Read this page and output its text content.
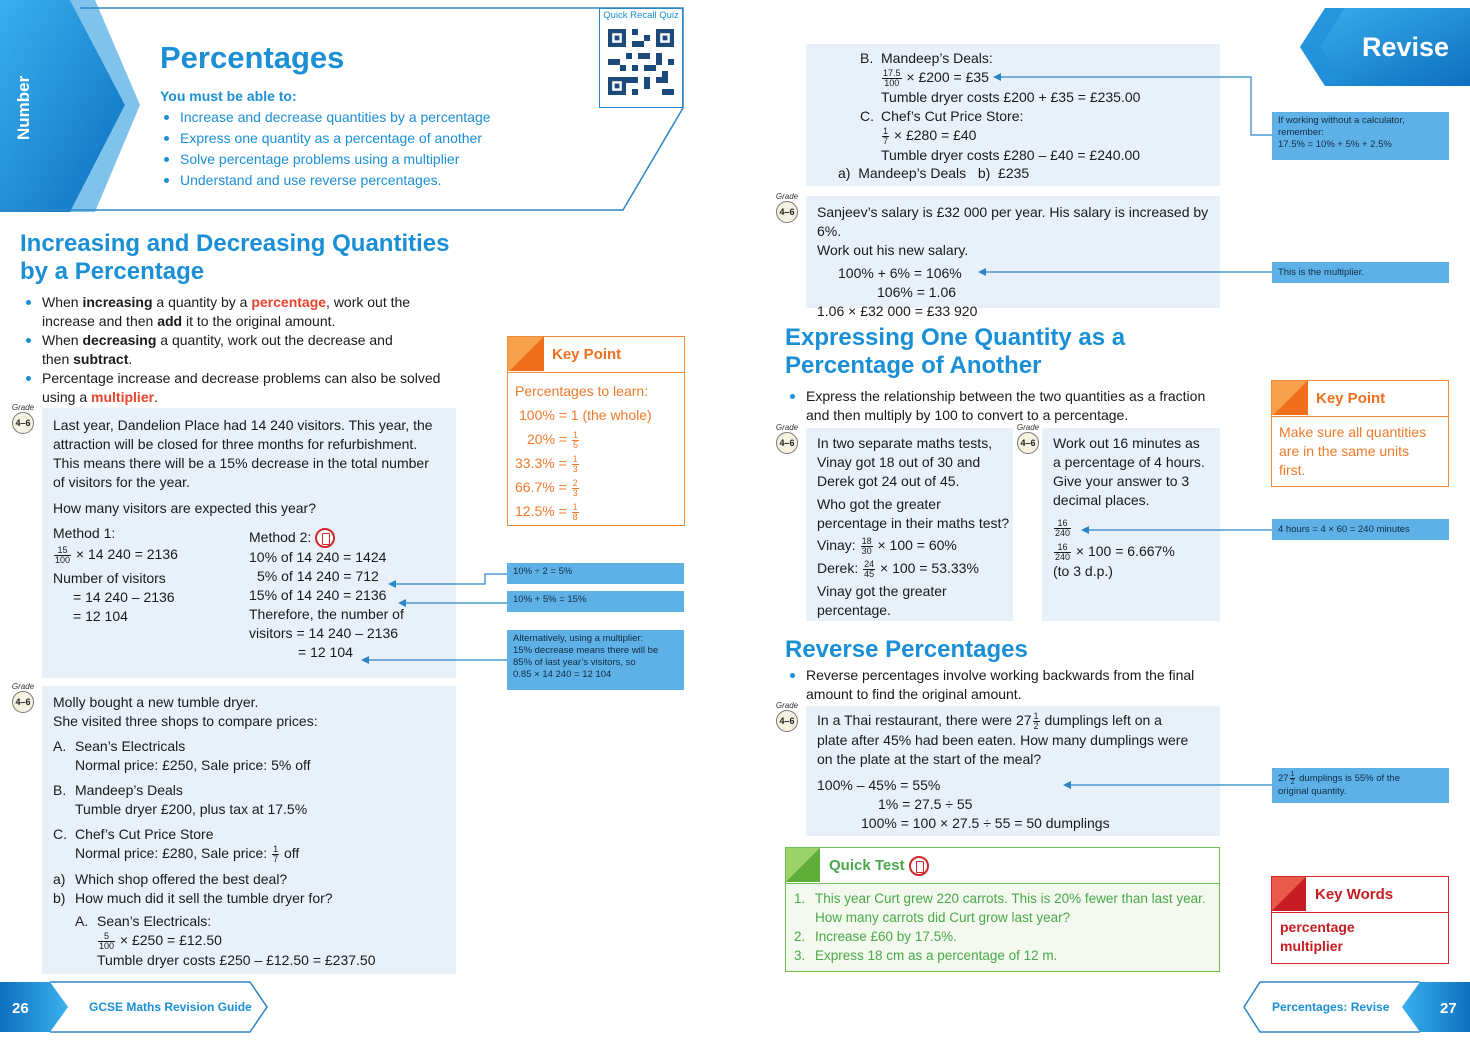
Number
Percentages
You must be able to:
Increase and decrease quantities by a percentage
Express one quantity as a percentage of another
Solve percentage problems using a multiplier
Understand and use reverse percentages.
Quick Recall Quiz
Increasing and Decreasing Quantities
by a Percentage
When increasing a quantity by a percentage, work out the
increase and then add it to the original amount.
When decreasing a quantity, work out the decrease and
then subtract.
Percentage increase and decrease problems can also be solved
using a multiplier.
Grade
4–6 Last year, Dandelion Place had 14 240 visitors. This year, the
attraction will be closed for three months for refurbishment.
This means there will be a 15% decrease in the total number
of visitors for the year.
How many visitors are expected this year?
Method 1:
$\frac{15}{100} \times 14$ 240 = 2136
Number of visitors
= 14 240 – 2136
= 12 104
Method 2:
10% of 14 240 = 1424
5% of 14 240 = 712
15% of 14 240 = 2136
Therefore, the number of
visitors = 14 240 – 2136
= 12 104
10% ÷ 2 = 5%
10% + 5% = 15%
Alternatively, using a multiplier:
15% decrease means there will be
85% of last year’s visitors, so
0.85 × 14 240 = 12 104
Key Point
Percentages to learn:
100% = 1 (the whole)
$20\% = \frac{1}{5}$
$33.3\% = \frac{1}{3}$
$66.7\% = \frac{2}{3}$
$12.5\% = \frac{1}{8}$
Grade
4–6 Molly bought a new tumble dryer.
She visited three shops to compare prices:
A. Sean’s Electricals
Normal price: £250, Sale price: 5% off
B. Mandeep’s Deals
Tumble dryer £200, plus tax at 17.5%
C. Chef’s Cut Price Store
Normal price: £280, Sale price: $\frac{1}{7}$ off
a) Which shop offered the best deal?
b) How much did it sell the tumble dryer for?
A. Sean’s Electricals:
$\frac{5}{100}$ × £250 = £12.50
Tumble dryer costs £250 – £12.50 = £237.50
26	GCSE Maths Revision Guide
Revise
B. Mandeep’s Deals:
$\frac{17.5}{100}$ × £200 = £35
Tumble dryer costs £200 + £35 = £235.00
C. Chef’s Cut Price Store:
$\frac{1}{7}$ × £280 = £40
Tumble dryer costs £280 – £40 = £240.00
a)  Mandeep’s Deals   b)  £235
If working without a calculator,
remember:
17.5% = 10% + 5% + 2.5%
Grade
4–6 Sanjeev’s salary is £32 000 per year. His salary is increased by 6%.
Work out his new salary.
100% + 6% = 106%
106% = 1.06
1.06 × £32 000 = £33 920
This is the multiplier.
Expressing One Quantity as a
Percentage of Another
Express the relationship between the two quantities as a fraction
and then multiply by 100 to convert to a percentage.
Grade
4–6 In two separate maths tests,
Vinay got 18 out of 30 and
Derek got 24 out of 45.
Who got the greater
percentage in their maths test?
Vinay: $\frac{18}{30} \times 100 = 60\%$
Derek: $\frac{24}{45} \times 100 = 53.33\%$
Vinay got the greater
percentage.
Grade
4–6 Work out 16 minutes as
a percentage of 4 hours.
Give your answer to 3
decimal places.
$\frac{16}{240}$
$\frac{16}{240} \times 100 = 6.667\%$
(to 3 d.p.)
4 hours = 4 × 60 = 240 minutes
Key Point
Make sure all quantities
are in the same units
first.
Reverse Percentages
Reverse percentages involve working backwards from the final
amount to find the original amount.
Grade
4–6 In a Thai restaurant, there were $27 \frac{1}{2}$ dumplings left on a
plate after 45% had been eaten. How many dumplings were
on the plate at the start of the meal?
100% – 45% = 55%
1% = 27.5 ÷ 55
100% = 100 × 27.5 ÷ 55 = 50 dumplings
$27 \frac{1}{2}$ dumplings is 55% of the
original quantity.
Quick Test
1. This year Curt grew 220 carrots. This is 20% fewer than last year.
How many carrots did Curt grow last year?
2. Increase £60 by 17.5%.
3. Express 18 cm as a percentage of 12 m.
Key Words
percentage
multiplier
Percentages: Revise	27
